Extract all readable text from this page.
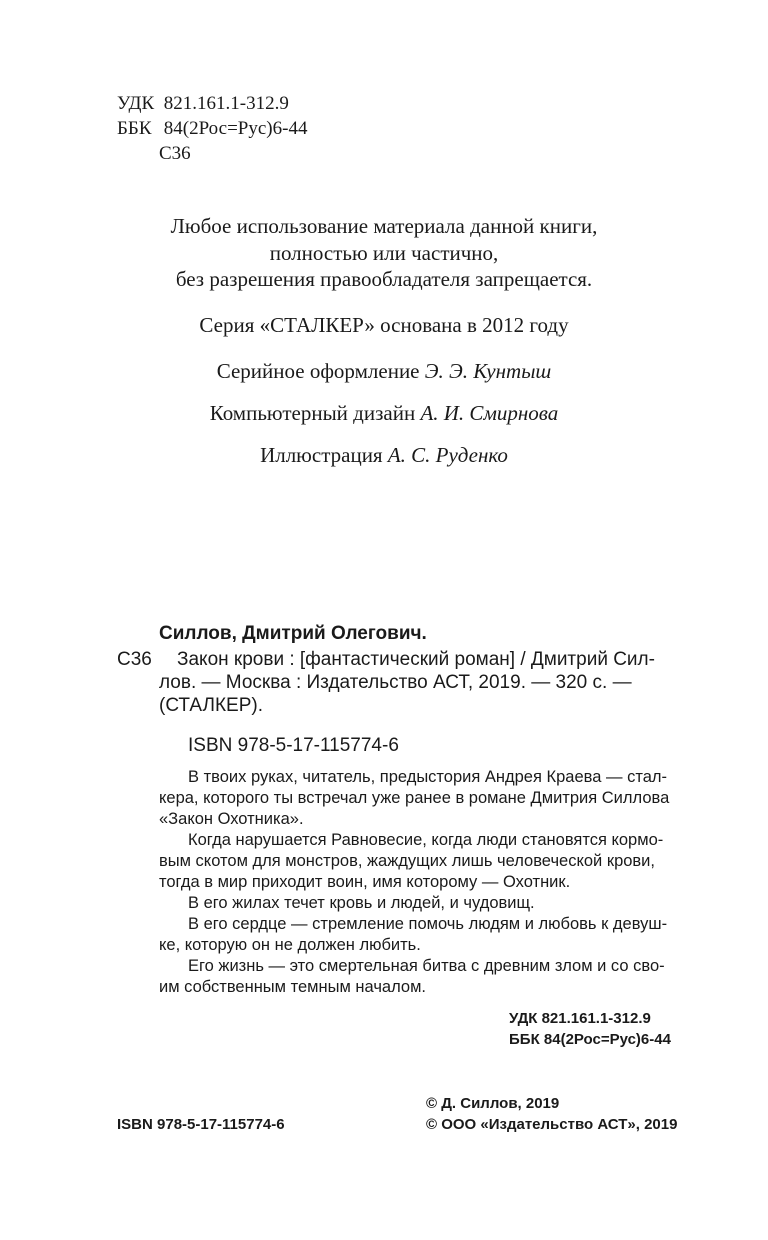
УДК 821.161.1-312.9
ББК 84(2Рос=Рус)6-44
С36
Любое использование материала данной книги,
полностью или частично,
без разрешения правообладателя запрещается.
Серия «СТАЛКЕР» основана в 2012 году
Серийное оформление Э. Э. Кунтыш
Компьютерный дизайн А. И. Смирнова
Иллюстрация А. С. Руденко
Силлов, Дмитрий Олегович.
С36 Закон крови : [фантастический роман] / Дмитрий Сил-
лов. — Москва : Издательство АСТ, 2019. — 320 с. —
(СТАЛКЕР).
ISBN 978-5-17-115774-6
В твоих руках, читатель, предыстория Андрея Краева — стал-
кера, которого ты встречал уже ранее в романе Дмитрия Силлова
«Закон Охотника».
Когда нарушается Равновесие, когда люди становятся кормо-
вым скотом для монстров, жаждущих лишь человеческой крови,
тогда в мир приходит воин, имя которому — Охотник.
В его жилах течет кровь и людей, и чудовищ.
В его сердце — стремление помочь людям и любовь к девуш-
ке, которую он не должен любить.
Его жизнь — это смертельная битва с древним злом и со сво-
им собственным темным началом.
УДК 821.161.1-312.9
ББК 84(2Рос=Рус)6-44
ISBN 978-5-17-115774-6
© Д. Силлов, 2019
© ООО «Издательство АСТ», 2019
